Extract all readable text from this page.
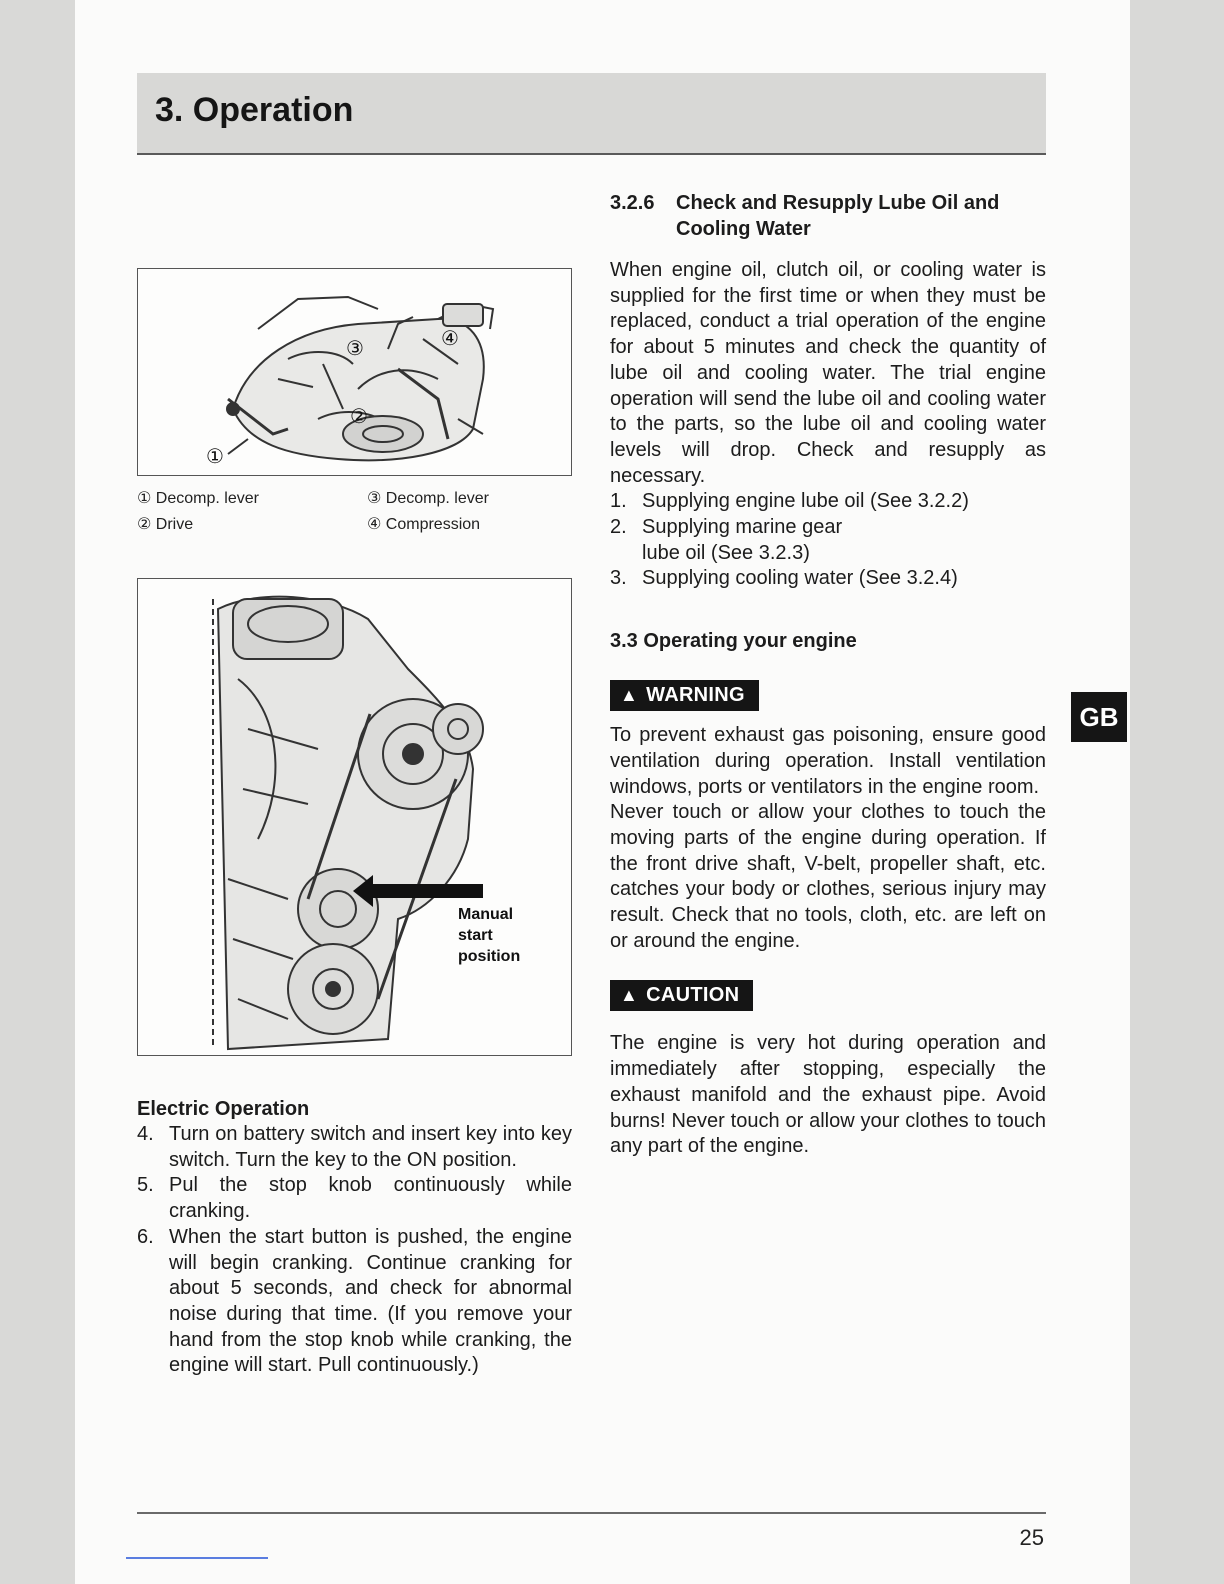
3. Operation
①
②
③	④
① Decomp. lever
② Drive
③ Decomp. lever
④ Compression
Manual
start
position

Electric Operation

4. Turn on battery switch and insert key into key switch. Turn the key to the ON position.
5. Pul the stop knob continuously while cranking.
6. When the start button is pushed, the engine will begin cranking. Continue cranking for about 5 seconds, and check for abnormal noise during that time. (If you remove your hand from the stop knob while cranking, the engine will start. Pull continuously.)
3.2.6 Check and Resupply Lube Oil and Cooling Water

When engine oil, clutch oil, or cooling water is supplied for the first time or when they must be replaced, conduct a trial operation of the engine for about 5 minutes and check the quantity of lube oil and cooling water. The trial engine operation will send the lube oil and cooling water to the parts, so the lube oil and cooling water levels will drop. Check and resupply as necessary.

1. Supplying engine lube oil (See 3.2.2)
2. Supplying marine gear lube oil (See 3.2.3)
3. Supplying cooling water (See 3.2.4)

3.3 Operating your engine

▲ WARNING

To prevent exhaust gas poisoning, ensure good ventilation during operation. Install ventilation windows, ports or ventilators in the engine room.

Never touch or allow your clothes to touch the moving parts of the engine during operation. If the front drive shaft, V-belt, propeller shaft, etc. catches your body or clothes, serious injury may result. Check that no tools, cloth, etc. are left on or around the engine.

▲ CAUTION

The engine is very hot during operation and immediately after stopping, especially the exhaust manifold and the exhaust pipe. Avoid burns! Never touch or allow your clothes to touch any part of the engine.

GB
25
